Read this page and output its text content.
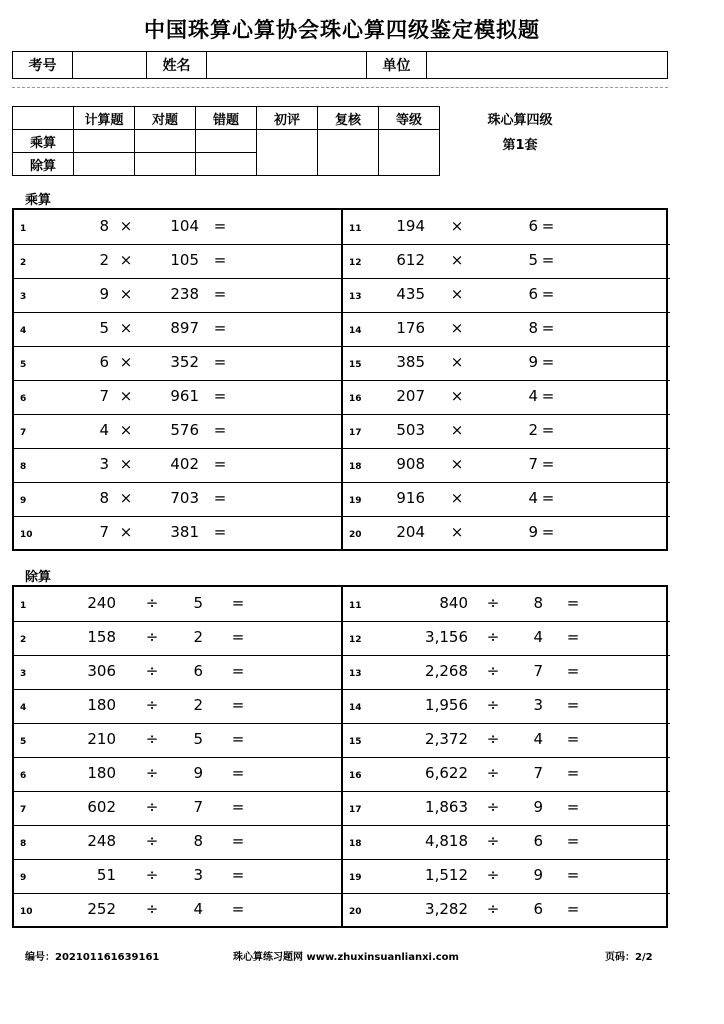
中国珠算心算协会珠心算四级鉴定模拟题
考号	姓名	单位
	计算题	对题	错题	初评	复核	等级
乘算						
除算						
珠心算四级
第1套
乘算
1	8 ×	104 =
2	2 ×	105 =
3	9 ×	238 =
4	5 ×	897 =
5	6 ×	352 =
6	7 ×	961 =
7	4 ×	576 =
8	3 ×	402 =
9	8 ×	703 =
10	7 ×	381 =
11	194	×	6 =
12	612	×	5 =
13	435	×	6 =
14	176	×	8 =
15	385	×	9 =
16	207	×	4 =
17	503	×	2 =
18	908	×	7 =
19	916	×	4 =
20	204	×	9 =
除算
1	240	÷	5 =
2	158	÷	2 =
3	306	÷	6 =
4	180	÷	2 =
5	210	÷	5 =
6	180	÷	9 =
7	602	÷	7 =
8	248	÷	8 =
9	51	÷	3 =
10	252	÷	4 =
11	840	÷	8 =
12	3,156	÷	4 =
13	2,268	÷	7 =
14	1,956	÷	3 =
15	2,372	÷	4 =
16	6,622	÷	7 =
17	1,863	÷	9 =
18	4,818	÷	6 =
19	1,512	÷	9 =
20	3,282	÷	6 =
编号：202101161639161	珠心算练习题网 www.zhuxinsuanlianxi.com	页码：2/2
